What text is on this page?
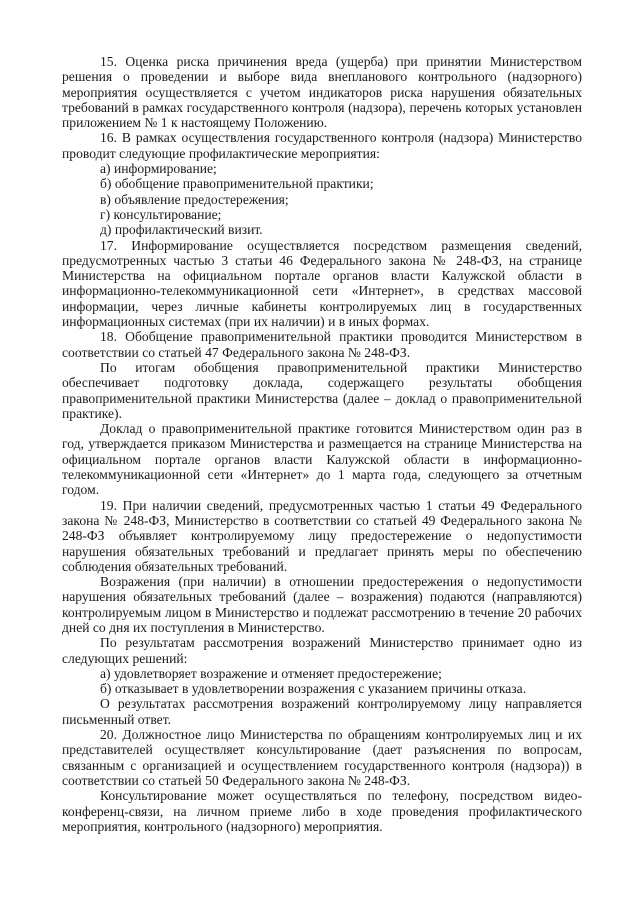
15. Оценка риска причинения вреда (ущерба) при принятии Министерством решения о проведении и выборе вида внепланового контрольного (надзорного) мероприятия осуществляется с учетом индикаторов риска нарушения обязательных требований в рамках государственного контроля (надзора), перечень которых установлен приложением № 1 к настоящему Положению.

16. В рамках осуществления государственного контроля (надзора) Министерство проводит следующие профилактические мероприятия:

а) информирование;

б) обобщение правоприменительной практики;

в) объявление предостережения;

г) консультирование;

д) профилактический визит.

17. Информирование осуществляется посредством размещения сведений, предусмотренных частью 3 статьи 46 Федерального закона № 248-ФЗ, на странице Министерства на официальном портале органов власти Калужской области в информационно-телекоммуникационной сети «Интернет», в средствах массовой информации, через личные кабинеты контролируемых лиц в государственных информационных системах (при их наличии) и в иных формах.

18. Обобщение правоприменительной практики проводится Министерством в соответствии со статьей 47 Федерального закона № 248-ФЗ.

По итогам обобщения правоприменительной практики Министерство обеспечивает подготовку доклада, содержащего результаты обобщения правоприменительной практики Министерства (далее – доклад о правоприменительной практике).

Доклад о правоприменительной практике готовится Министерством один раз в год, утверждается приказом Министерства и размещается на странице Министерства на официальном портале органов власти Калужской области в информационно-телекоммуникационной сети «Интернет» до 1 марта года, следующего за отчетным годом.

19. При наличии сведений, предусмотренных частью 1 статьи 49 Федерального закона № 248-ФЗ, Министерство в соответствии со статьей 49 Федерального закона № 248-ФЗ объявляет контролируемому лицу предостережение о недопустимости нарушения обязательных требований и предлагает принять меры по обеспечению соблюдения обязательных требований.

Возражения (при наличии) в отношении предостережения о недопустимости нарушения обязательных требований (далее – возражения) подаются (направляются) контролируемым лицом в Министерство и подлежат рассмотрению в течение 20 рабочих дней со дня их поступления в Министерство.

По результатам рассмотрения возражений Министерство принимает одно из следующих решений:

а) удовлетворяет возражение и отменяет предостережение;

б) отказывает в удовлетворении возражения с указанием причины отказа.

О результатах рассмотрения возражений контролируемому лицу направляется письменный ответ.

20. Должностное лицо Министерства по обращениям контролируемых лиц и их представителей осуществляет консультирование (дает разъяснения по вопросам, связанным с организацией и осуществлением государственного контроля (надзора)) в соответствии со статьей 50 Федерального закона № 248-ФЗ.

Консультирование может осуществляться по телефону, посредством видео-конференц-связи, на личном приеме либо в ходе проведения профилактического мероприятия, контрольного (надзорного) мероприятия.
